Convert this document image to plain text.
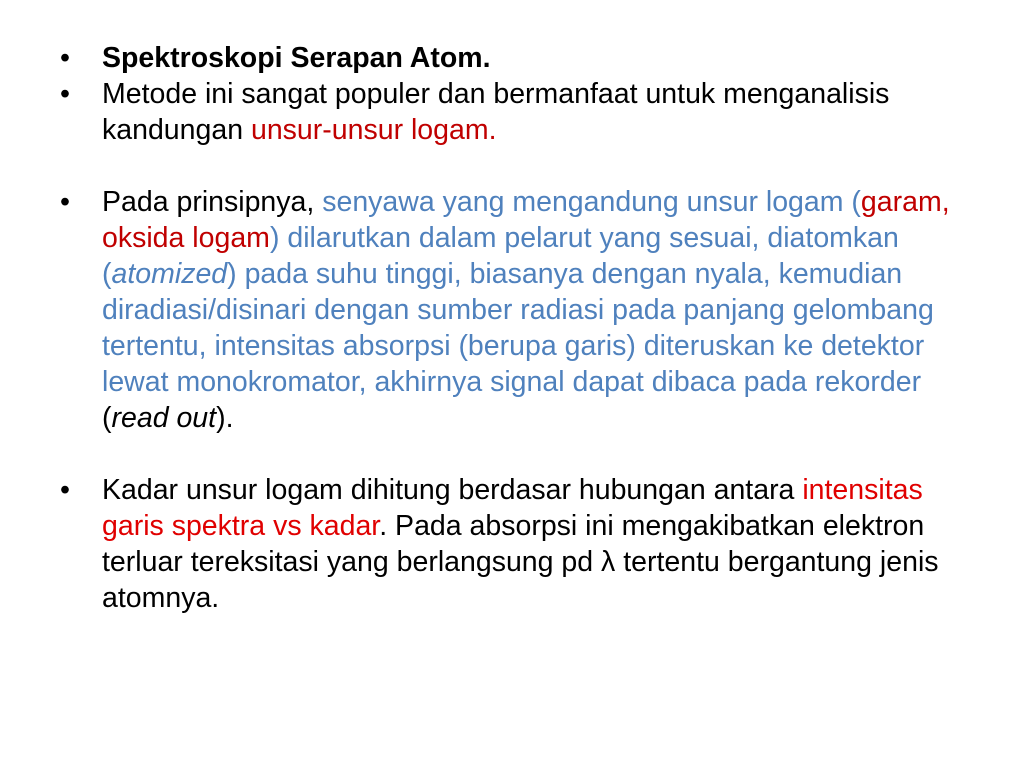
•	Spektroskopi Serapan Atom.
•	Metode ini sangat populer dan bermanfaat untuk menganalisis kandungan unsur-unsur logam.
•	Pada prinsipnya, senyawa yang mengandung unsur logam (garam, oksida logam) dilarutkan dalam pelarut yang sesuai, diatomkan (atomized) pada suhu tinggi, biasanya dengan nyala, kemudian diradiasi/disinari dengan sumber radiasi pada panjang gelombang tertentu, intensitas absorpsi (berupa garis) diteruskan ke detektor lewat monokromator, akhirnya signal dapat dibaca pada rekorder (read out).
•	Kadar unsur logam dihitung berdasar hubungan antara intensitas garis spektra vs kadar. Pada absorpsi ini mengakibatkan elektron terluar tereksitasi yang berlangsung pd λ tertentu bergantung jenis atomnya.
